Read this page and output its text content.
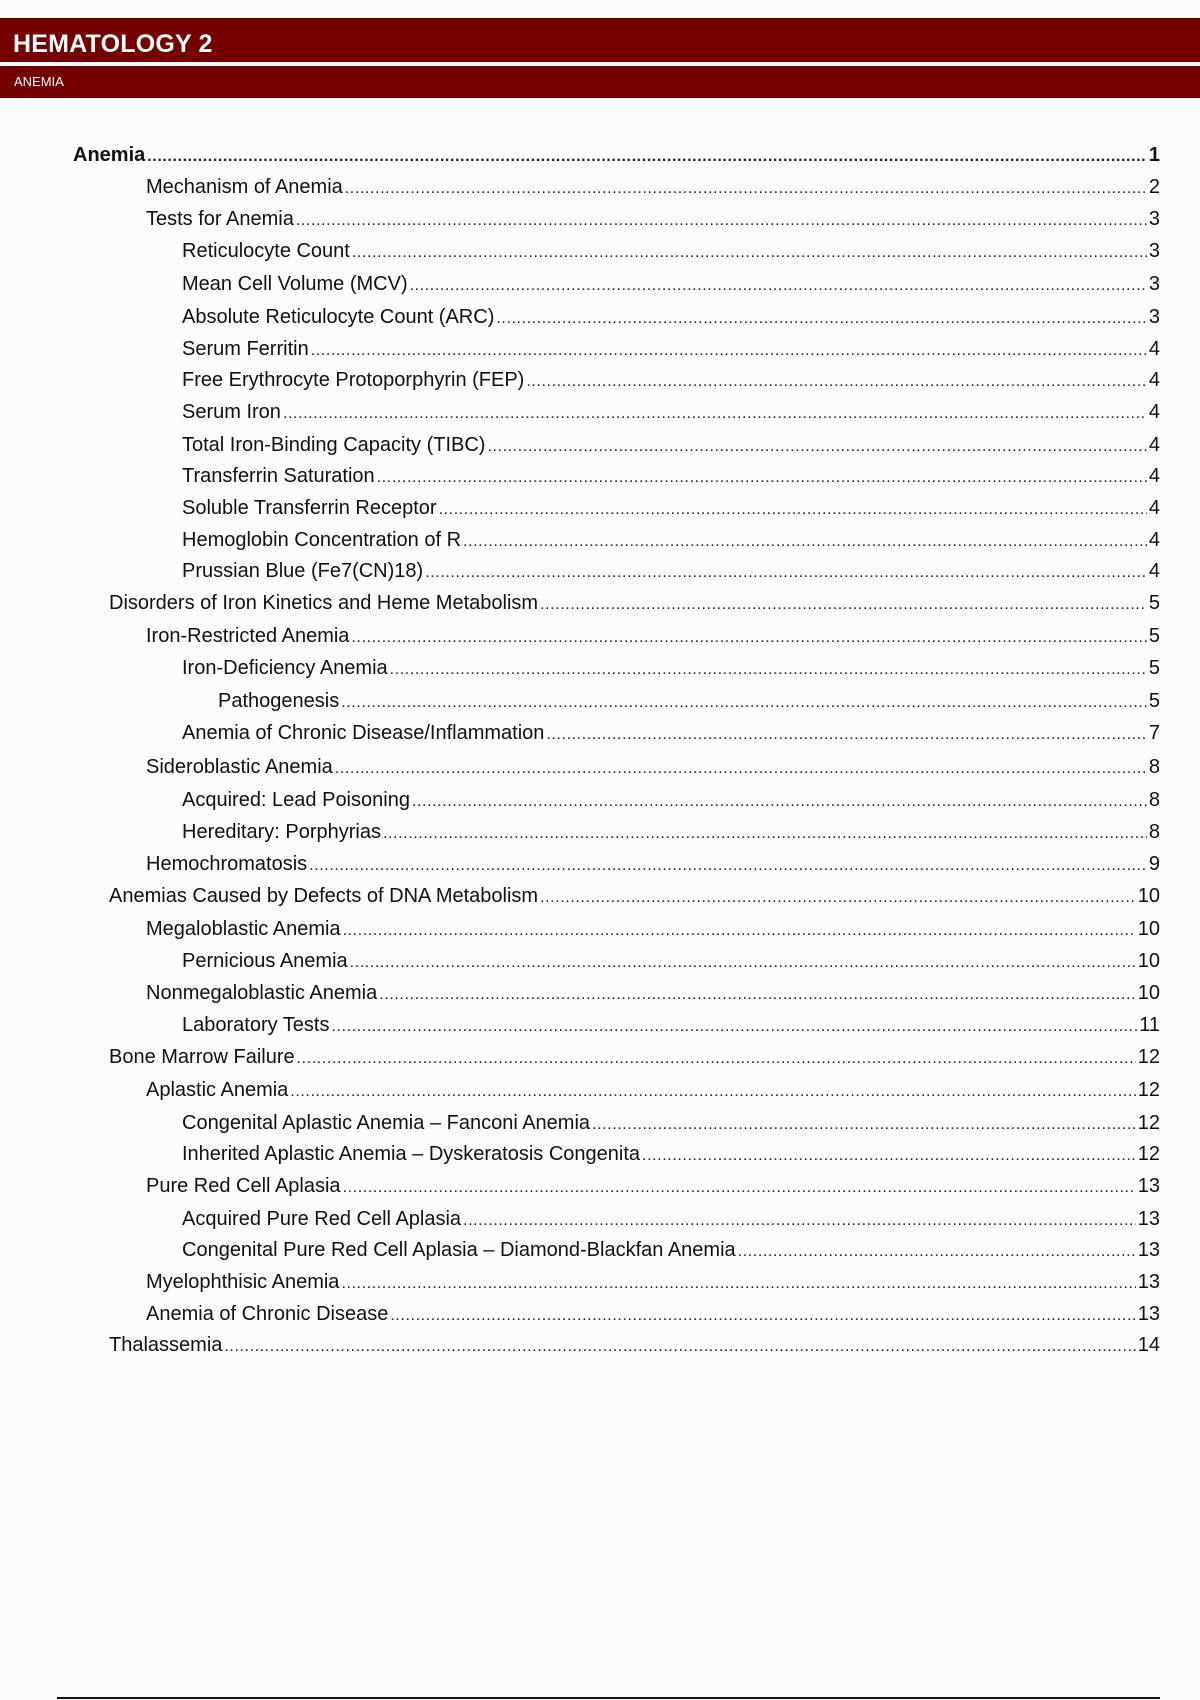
HEMATOLOGY 2

ANEMIA

Anemia .....	1
Mechanism of Anemia .....	2
Tests for Anemia .....	3
Reticulocyte Count .....	3
Mean Cell Volume (MCV) .....	3
Absolute Reticulocyte Count (ARC) .....	3
Serum Ferritin .....	4
Free Erythrocyte Protoporphyrin (FEP) .....	4
Serum Iron .....	4
Total Iron-Binding Capacity (TIBC) .....	4
Transferrin Saturation .....	4
Soluble Transferrin Receptor .....	4
Hemoglobin Concentration of R .....	4
Prussian Blue (Fe7(CN)18) .....	4
Disorders of Iron Kinetics and Heme Metabolism .....	5
Iron-Restricted Anemia .....	5
Iron-Deficiency Anemia .....	5
Pathogenesis .....	5
Anemia of Chronic Disease/Inflammation .....	7
Sideroblastic Anemia .....	8
Acquired: Lead Poisoning .....	8
Hereditary: Porphyrias .....	8
Hemochromatosis .....	9
Anemias Caused by Defects of DNA Metabolism .....	10
Megaloblastic Anemia .....	10
Pernicious Anemia .....	10
Nonmegaloblastic Anemia .....	10
Laboratory Tests .....	11
Bone Marrow Failure .....	12
Aplastic Anemia .....	12
Congenital Aplastic Anemia – Fanconi Anemia .....	12
Inherited Aplastic Anemia – Dyskeratosis Congenita .....	12
Pure Red Cell Aplasia .....	13
Acquired Pure Red Cell Aplasia .....	13
Congenital Pure Red Cell Aplasia – Diamond-Blackfan Anemia .....	13
Myelophthisic Anemia .....	13
Anemia of Chronic Disease .....	13
Thalassemia .....	14
